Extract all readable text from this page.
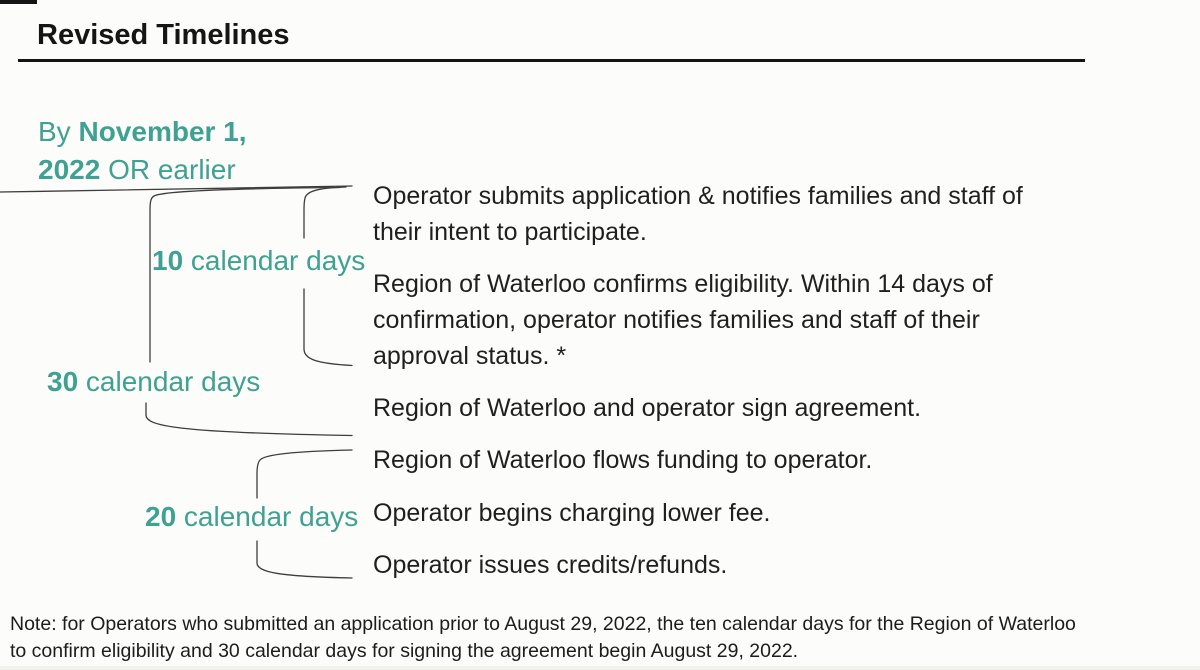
Revised Timelines
By November 1, 2022 OR earlier
10 calendar days
30 calendar days
20 calendar days
Operator submits application & notifies families and staff of
their intent to participate.
Region of Waterloo confirms eligibility. Within 14 days of
confirmation, operator notifies families and staff of their
approval status. *
Region of Waterloo and operator sign agreement.
Region of Waterloo flows funding to operator.
Operator begins charging lower fee.
Operator issues credits/refunds.
Note: for Operators who submitted an application prior to August 29, 2022, the ten calendar days for the Region of Waterloo
to confirm eligibility and 30 calendar days for signing the agreement begin August 29, 2022.
